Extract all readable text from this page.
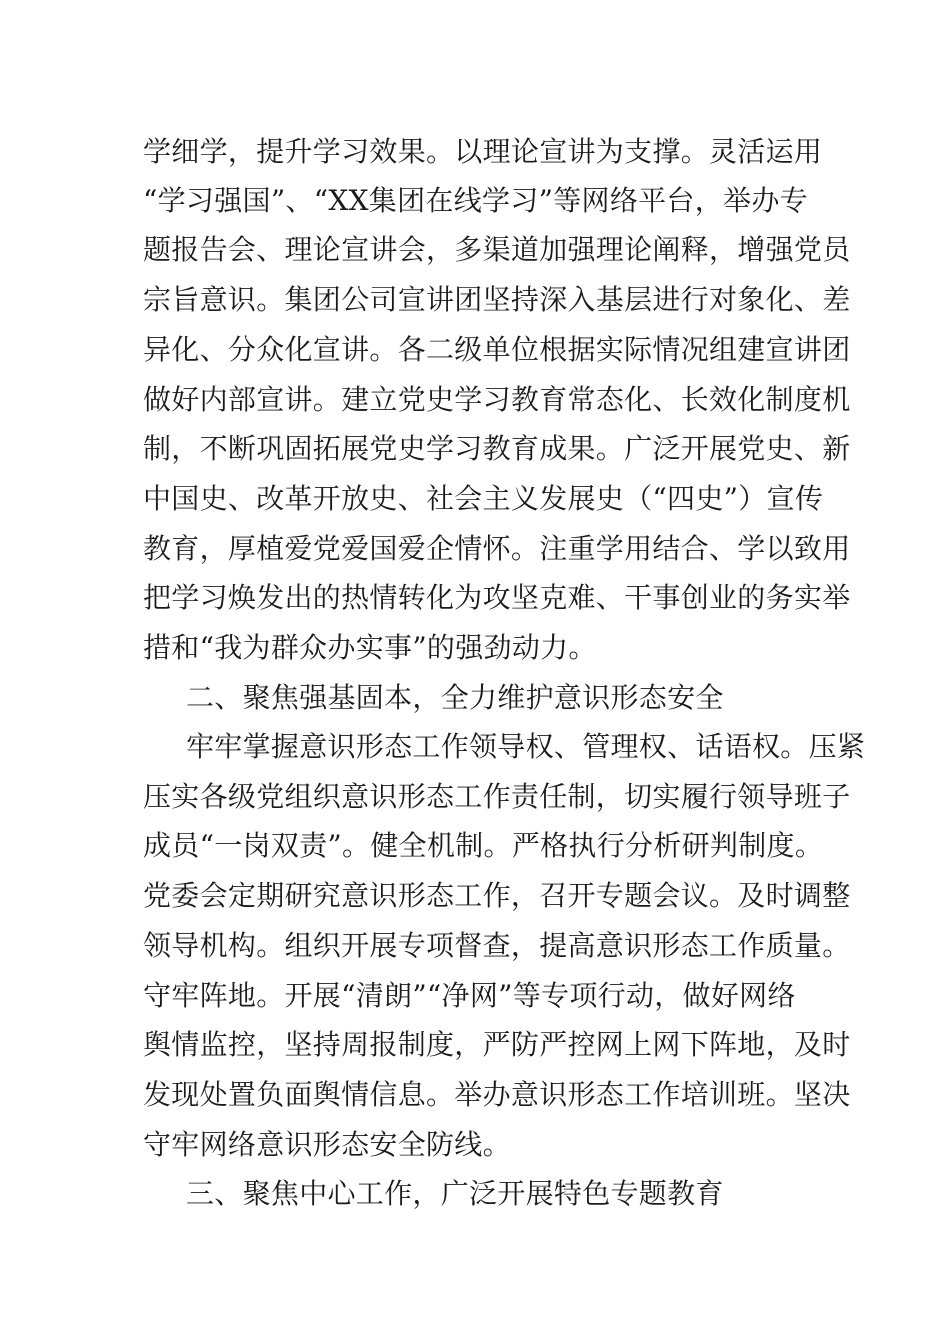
学细学，提升学习效果。以理论宣讲为支撑。灵活运用
“学习强国”、“XX集团在线学习”等网络平台，举办专
题报告会、理论宣讲会，多渠道加强理论阐释，增强党员
宗旨意识。集团公司宣讲团坚持深入基层进行对象化、差
异化、分众化宣讲。各二级单位根据实际情况组建宣讲团
做好内部宣讲。建立党史学习教育常态化、长效化制度机
制，不断巩固拓展党史学习教育成果。广泛开展党史、新
中国史、改革开放史、社会主义发展史（“四史”）宣传
教育，厚植爱党爱国爱企情怀。注重学用结合、学以致用
把学习焕发出的热情转化为攻坚克难、干事创业的务实举
措和“我为群众办实事”的强劲动力。
二、聚焦强基固本，全力维护意识形态安全
牢牢掌握意识形态工作领导权、管理权、话语权。压紧
压实各级党组织意识形态工作责任制，切实履行领导班子
成员“一岗双责”。健全机制。严格执行分析研判制度。
党委会定期研究意识形态工作，召开专题会议。及时调整
领导机构。组织开展专项督查，提高意识形态工作质量。
守牢阵地。开展“清朗”“净网”等专项行动，做好网络
舆情监控，坚持周报制度，严防严控网上网下阵地，及时
发现处置负面舆情信息。举办意识形态工作培训班。坚决
守牢网络意识形态安全防线。
三、聚焦中心工作，广泛开展特色专题教育
